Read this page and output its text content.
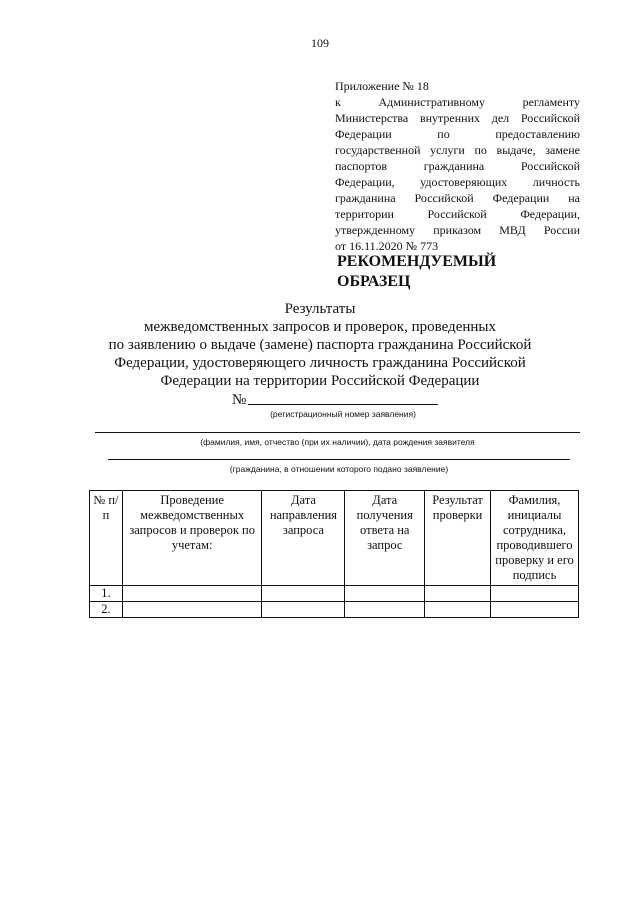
109
Приложение № 18
к Административному регламенту
Министерства внутренних дел Российской
Федерации по предоставлению
государственной услуги по выдаче, замене
паспортов гражданина Российской
Федерации, удостоверяющих личность
гражданина Российской Федерации на
территории Российской Федерации,
утвержденному приказом МВД России
от 16.11.2020 № 773
РЕКОМЕНДУЕМЫЙ
ОБРАЗЕЦ
Результаты
межведомственных запросов и проверок, проведенных
по заявлению о выдаче (замене) паспорта гражданина Российской
Федерации, удостоверяющего личность гражданина Российской
Федерации на территории Российской Федерации
№
(регистрационный номер заявления)
(фамилия, имя, отчество (при их наличии), дата рождения заявителя
(гражданина, в отношении которого подано заявление)
№ п/п	Проведение межведомственных запросов и проверок по учетам:	Дата направления запроса	Дата получения ответа на запрос	Результат проверки	Фамилия, инициалы сотрудника, проводившего проверку и его подпись
1.					
2.					
